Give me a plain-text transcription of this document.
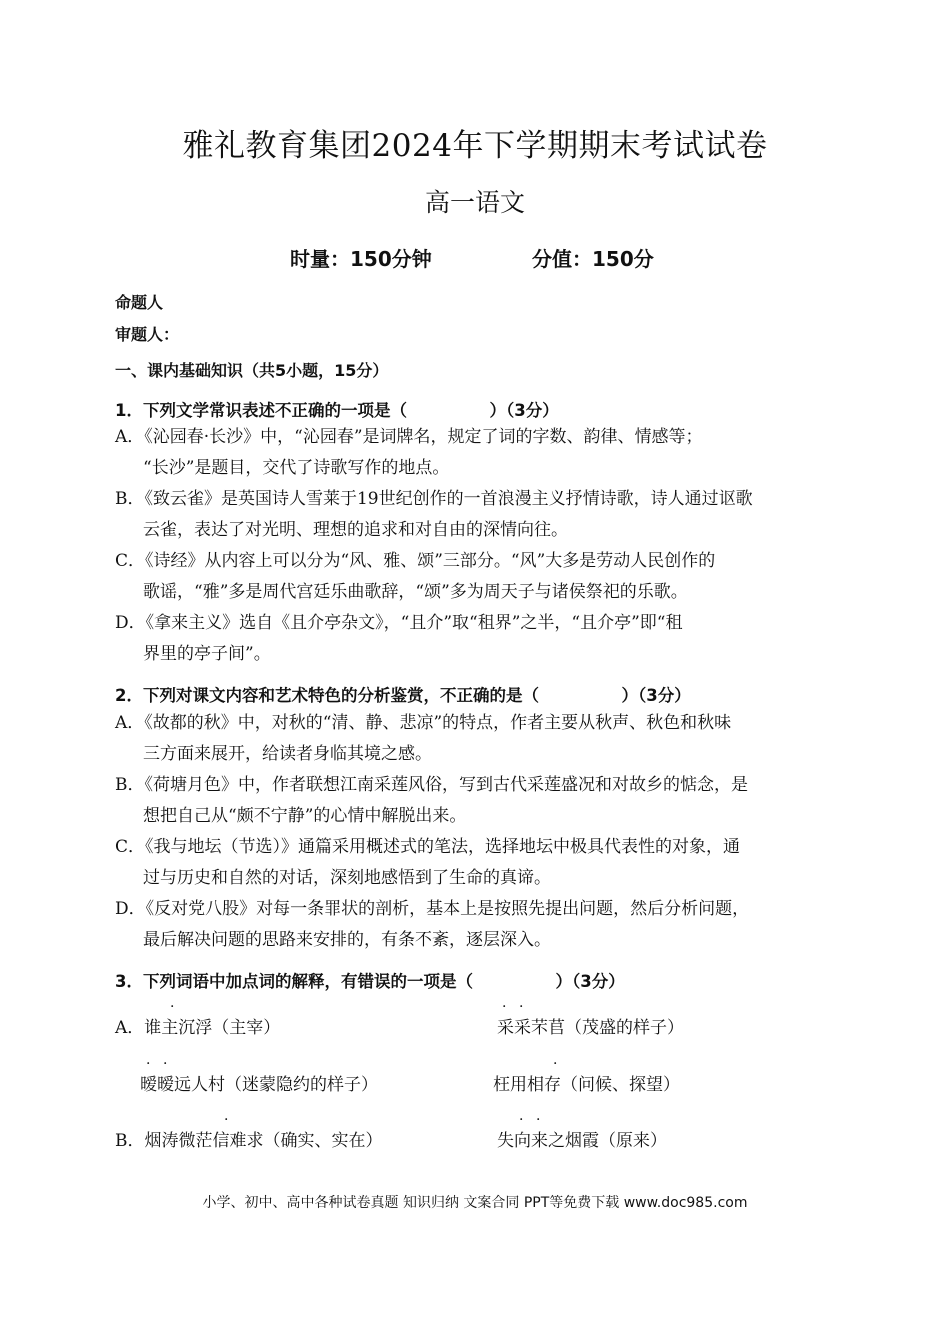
雅礼教育集团2024年下学期期末考试试卷
高一语文
时量：150分钟	分值：150分
命题人
审题人：
一、课内基础知识（共5小题，15分）
1．下列文学常识表述不正确的一项是（　　　　　）（3分）
A．《沁园春·长沙》中，“沁园春”是词牌名，规定了词的字数、韵律、情感等；
“长沙”是题目，交代了诗歌写作的地点。
B．《致云雀》是英国诗人雪莱于19世纪创作的一首浪漫主义抒情诗歌，诗人通过讴歌
云雀，表达了对光明、理想的追求和对自由的深情向往。
C．《诗经》从内容上可以分为“风、雅、颂”三部分。“风”大多是劳动人民创作的
歌谣，“雅”多是周代宫廷乐曲歌辞，“颂”多为周天子与诸侯祭祀的乐歌。
D．《拿来主义》选自《且介亭杂文》，“且介”取“租界”之半，“且介亭”即“租
界里的亭子间”。
2．下列对课文内容和艺术特色的分析鉴赏，不正确的是（　　　　　）（3分）
A．《故都的秋》中，对秋的“清、静、悲凉”的特点，作者主要从秋声、秋色和秋味
三方面来展开，给读者身临其境之感。
B．《荷塘月色》中，作者联想江南采莲风俗，写到古代采莲盛况和对故乡的惦念，是
想把自己从“颇不宁静”的心情中解脱出来。
C．《我与地坛（节选）》通篇采用概述式的笔法，选择地坛中极具代表性的对象，通
过与历史和自然的对话，深刻地感悟到了生命的真谛。
D．《反对党八股》对每一条罪状的剖析，基本上是按照先提出问题，然后分析问题，
最后解决问题的思路来安排的，有条不紊，逐层深入。
3．下列词语中加点词的解释，有错误的一项是（　　　　　）（3分）
·
A．谁主沉浮（主宰）
· ·
采采芣苢（茂盛的样子）
· ·
暧暧远人村（迷蒙隐约的样子）
·
枉用相存（问候、探望）
·
B．烟涛微茫信难求（确实、实在）
· ·
失向来之烟霞（原来）
小学、初中、高中各种试卷真题 知识归纳 文案合同 PPT等免费下载 www.doc985.com
